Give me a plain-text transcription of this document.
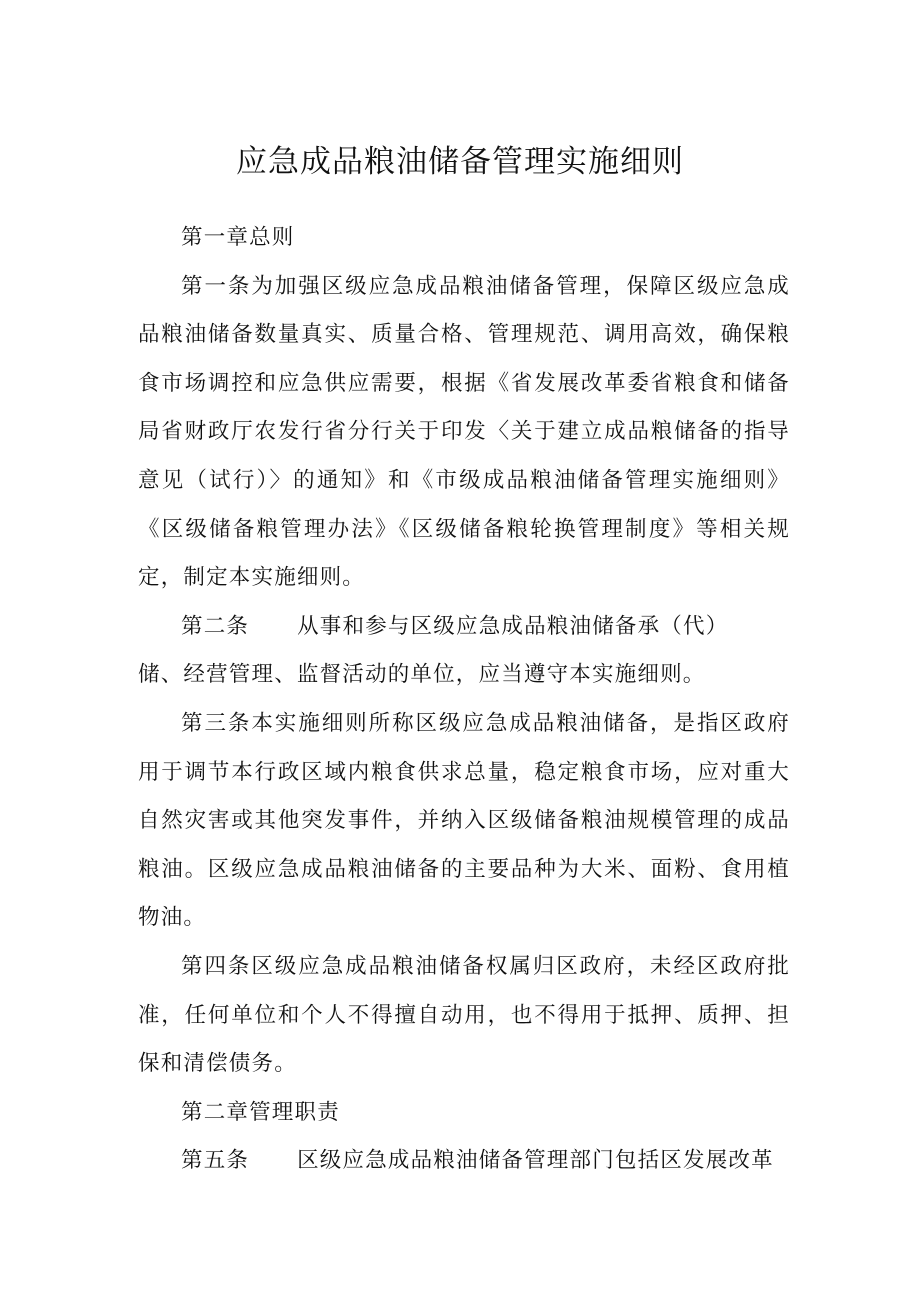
应急成品粮油储备管理实施细则

第一章总则

第一条为加强区级应急成品粮油储备管理，保障区级应急成品粮油储备数量真实、质量合格、管理规范、调用高效，确保粮食市场调控和应急供应需要，根据《省发展改革委省粮食和储备局省财政厅农发行省分行关于印发〈关于建立成品粮储备的指导意见（试行）〉的通知》和《市级成品粮油储备管理实施细则》《区级储备粮管理办法》《区级储备粮轮换管理制度》等相关规定，制定本实施细则。

第二条 从事和参与区级应急成品粮油储备承（代）

储、经营管理、监督活动的单位，应当遵守本实施细则。

第三条本实施细则所称区级应急成品粮油储备，是指区政府用于调节本行政区域内粮食供求总量，稳定粮食市场，应对重大自然灾害或其他突发事件，并纳入区级储备粮油规模管理的成品粮油。区级应急成品粮油储备的主要品种为大米、面粉、食用植物油。

第四条区级应急成品粮油储备权属归区政府，未经区政府批准，任何单位和个人不得擅自动用，也不得用于抵押、质押、担保和清偿债务。

第二章管理职责

第五条 区级应急成品粮油储备管理部门包括区发展改革
